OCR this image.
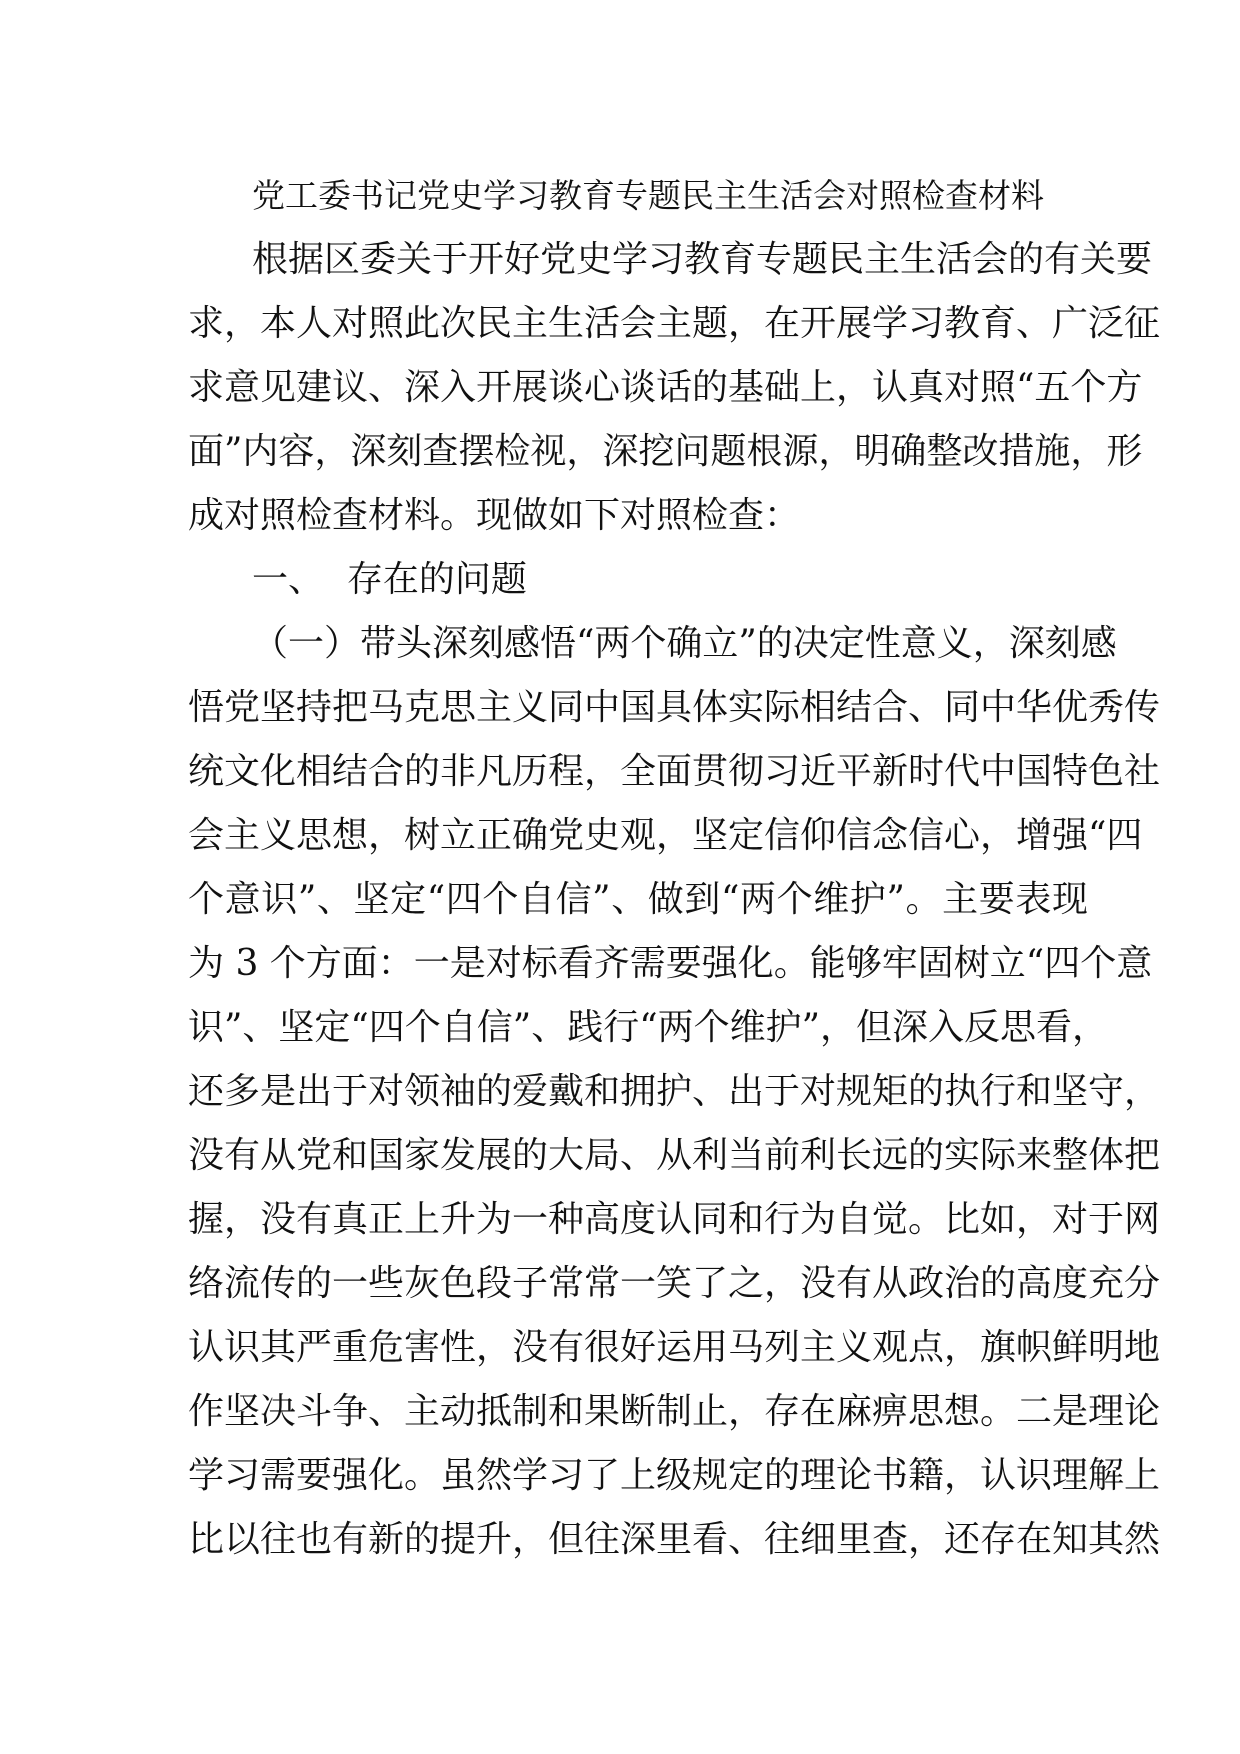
党工委书记党史学习教育专题民主生活会对照检查材料
根据区委关于开好党史学习教育专题民主生活会的有关要
求，本人对照此次民主生活会主题，在开展学习教育、广泛征
求意见建议、深入开展谈心谈话的基础上，认真对照“五个方
面”内容，深刻查摆检视，深挖问题根源，明确整改措施，形
成对照检查材料。现做如下对照检查：
一、  存在的问题
（一）带头深刻感悟“两个确立”的决定性意义，深刻感
悟党坚持把马克思主义同中国具体实际相结合、同中华优秀传
统文化相结合的非凡历程，全面贯彻习近平新时代中国特色社
会主义思想，树立正确党史观，坚定信仰信念信心，增强“四
个意识”、坚定“四个自信”、做到“两个维护”。主要表现
为 3 个方面：一是对标看齐需要强化。能够牢固树立“四个意
识”、坚定“四个自信”、践行“两个维护”，但深入反思看，
还多是出于对领袖的爱戴和拥护、出于对规矩的执行和坚守，
没有从党和国家发展的大局、从利当前利长远的实际来整体把
握，没有真正上升为一种高度认同和行为自觉。比如，对于网
络流传的一些灰色段子常常一笑了之，没有从政治的高度充分
认识其严重危害性，没有很好运用马列主义观点，旗帜鲜明地
作坚决斗争、主动抵制和果断制止，存在麻痹思想。二是理论
学习需要强化。虽然学习了上级规定的理论书籍，认识理解上
比以往也有新的提升，但往深里看、往细里查，还存在知其然
